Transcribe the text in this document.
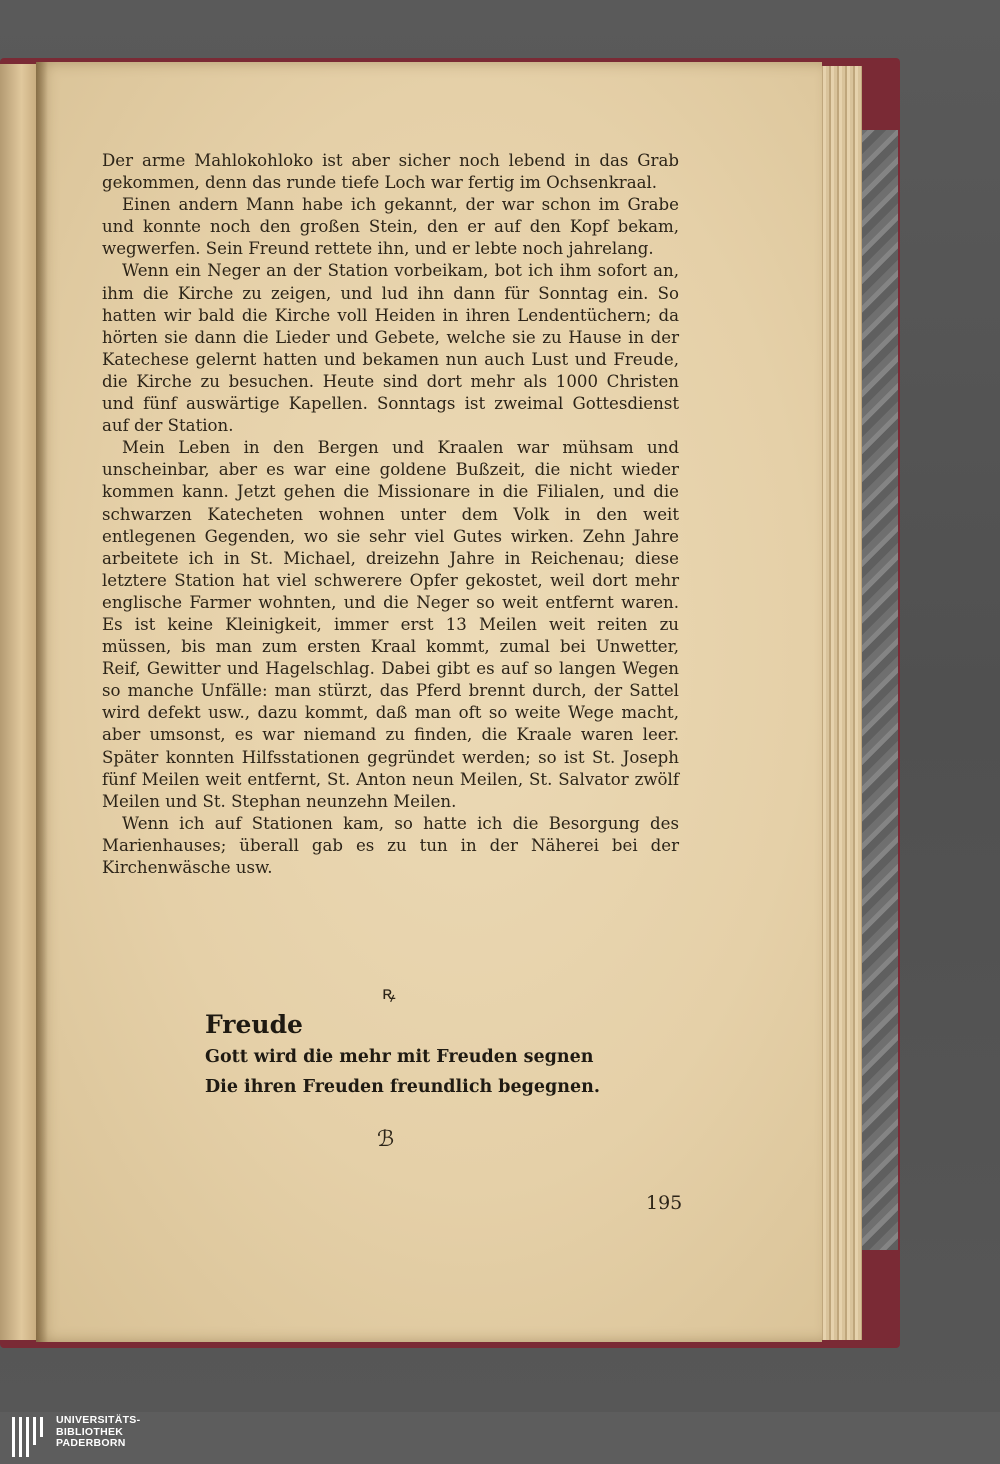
Der arme Mahlokohloko ist aber sicher noch lebend in das Grab gekommen, denn das runde tiefe Loch war fertig im Ochsenkraal.

Einen andern Mann habe ich gekannt, der war schon im Grabe und konnte noch den großen Stein, den er auf den Kopf bekam, wegwerfen. Sein Freund rettete ihn, und er lebte noch jahrelang.

Wenn ein Neger an der Station vorbeikam, bot ich ihm sofort an, ihm die Kirche zu zeigen, und lud ihn dann für Sonntag ein. So hatten wir bald die Kirche voll Heiden in ihren Lendentüchern; da hörten sie dann die Lieder und Gebete, welche sie zu Hause in der Katechese gelernt hatten und bekamen nun auch Lust und Freude, die Kirche zu besuchen. Heute sind dort mehr als 1000 Christen und fünf auswärtige Kapellen. Sonntags ist zweimal Gottesdienst auf der Station.

Mein Leben in den Bergen und Kraalen war mühsam und unscheinbar, aber es war eine goldene Bußzeit, die nicht wieder kommen kann. Jetzt gehen die Missionare in die Filialen, und die schwarzen Katecheten wohnen unter dem Volk in den weit entlegenen Gegenden, wo sie sehr viel Gutes wirken. Zehn Jahre arbeitete ich in St. Michael, dreizehn Jahre in Reichenau; diese letztere Station hat viel schwerere Opfer gekostet, weil dort mehr englische Farmer wohnten, und die Neger so weit entfernt waren. Es ist keine Kleinigkeit, immer erst 13 Meilen weit reiten zu müssen, bis man zum ersten Kraal kommt, zumal bei Unwetter, Reif, Gewitter und Hagelschlag. Dabei gibt es auf so langen Wegen so manche Unfälle: man stürzt, das Pferd brennt durch, der Sattel wird defekt usw., dazu kommt, daß man oft so weite Wege macht, aber umsonst, es war niemand zu finden, die Kraale waren leer. Später konnten Hilfsstationen gegründet werden; so ist St. Joseph fünf Meilen weit entfernt, St. Anton neun Meilen, St. Salvator zwölf Meilen und St. Stephan neunzehn Meilen.

Wenn ich auf Stationen kam, so hatte ich die Besorgung des Marienhauses; überall gab es zu tun in der Näherei bei der Kirchenwäsche usw.

ꝶ
Freude

Gott wird die mehr mit Freuden segnen

Die ihren Freuden freundlich begegnen.

ℬ
195
UNIVERSITÄTS-
BIBLIOTHEK
PADERBORN
